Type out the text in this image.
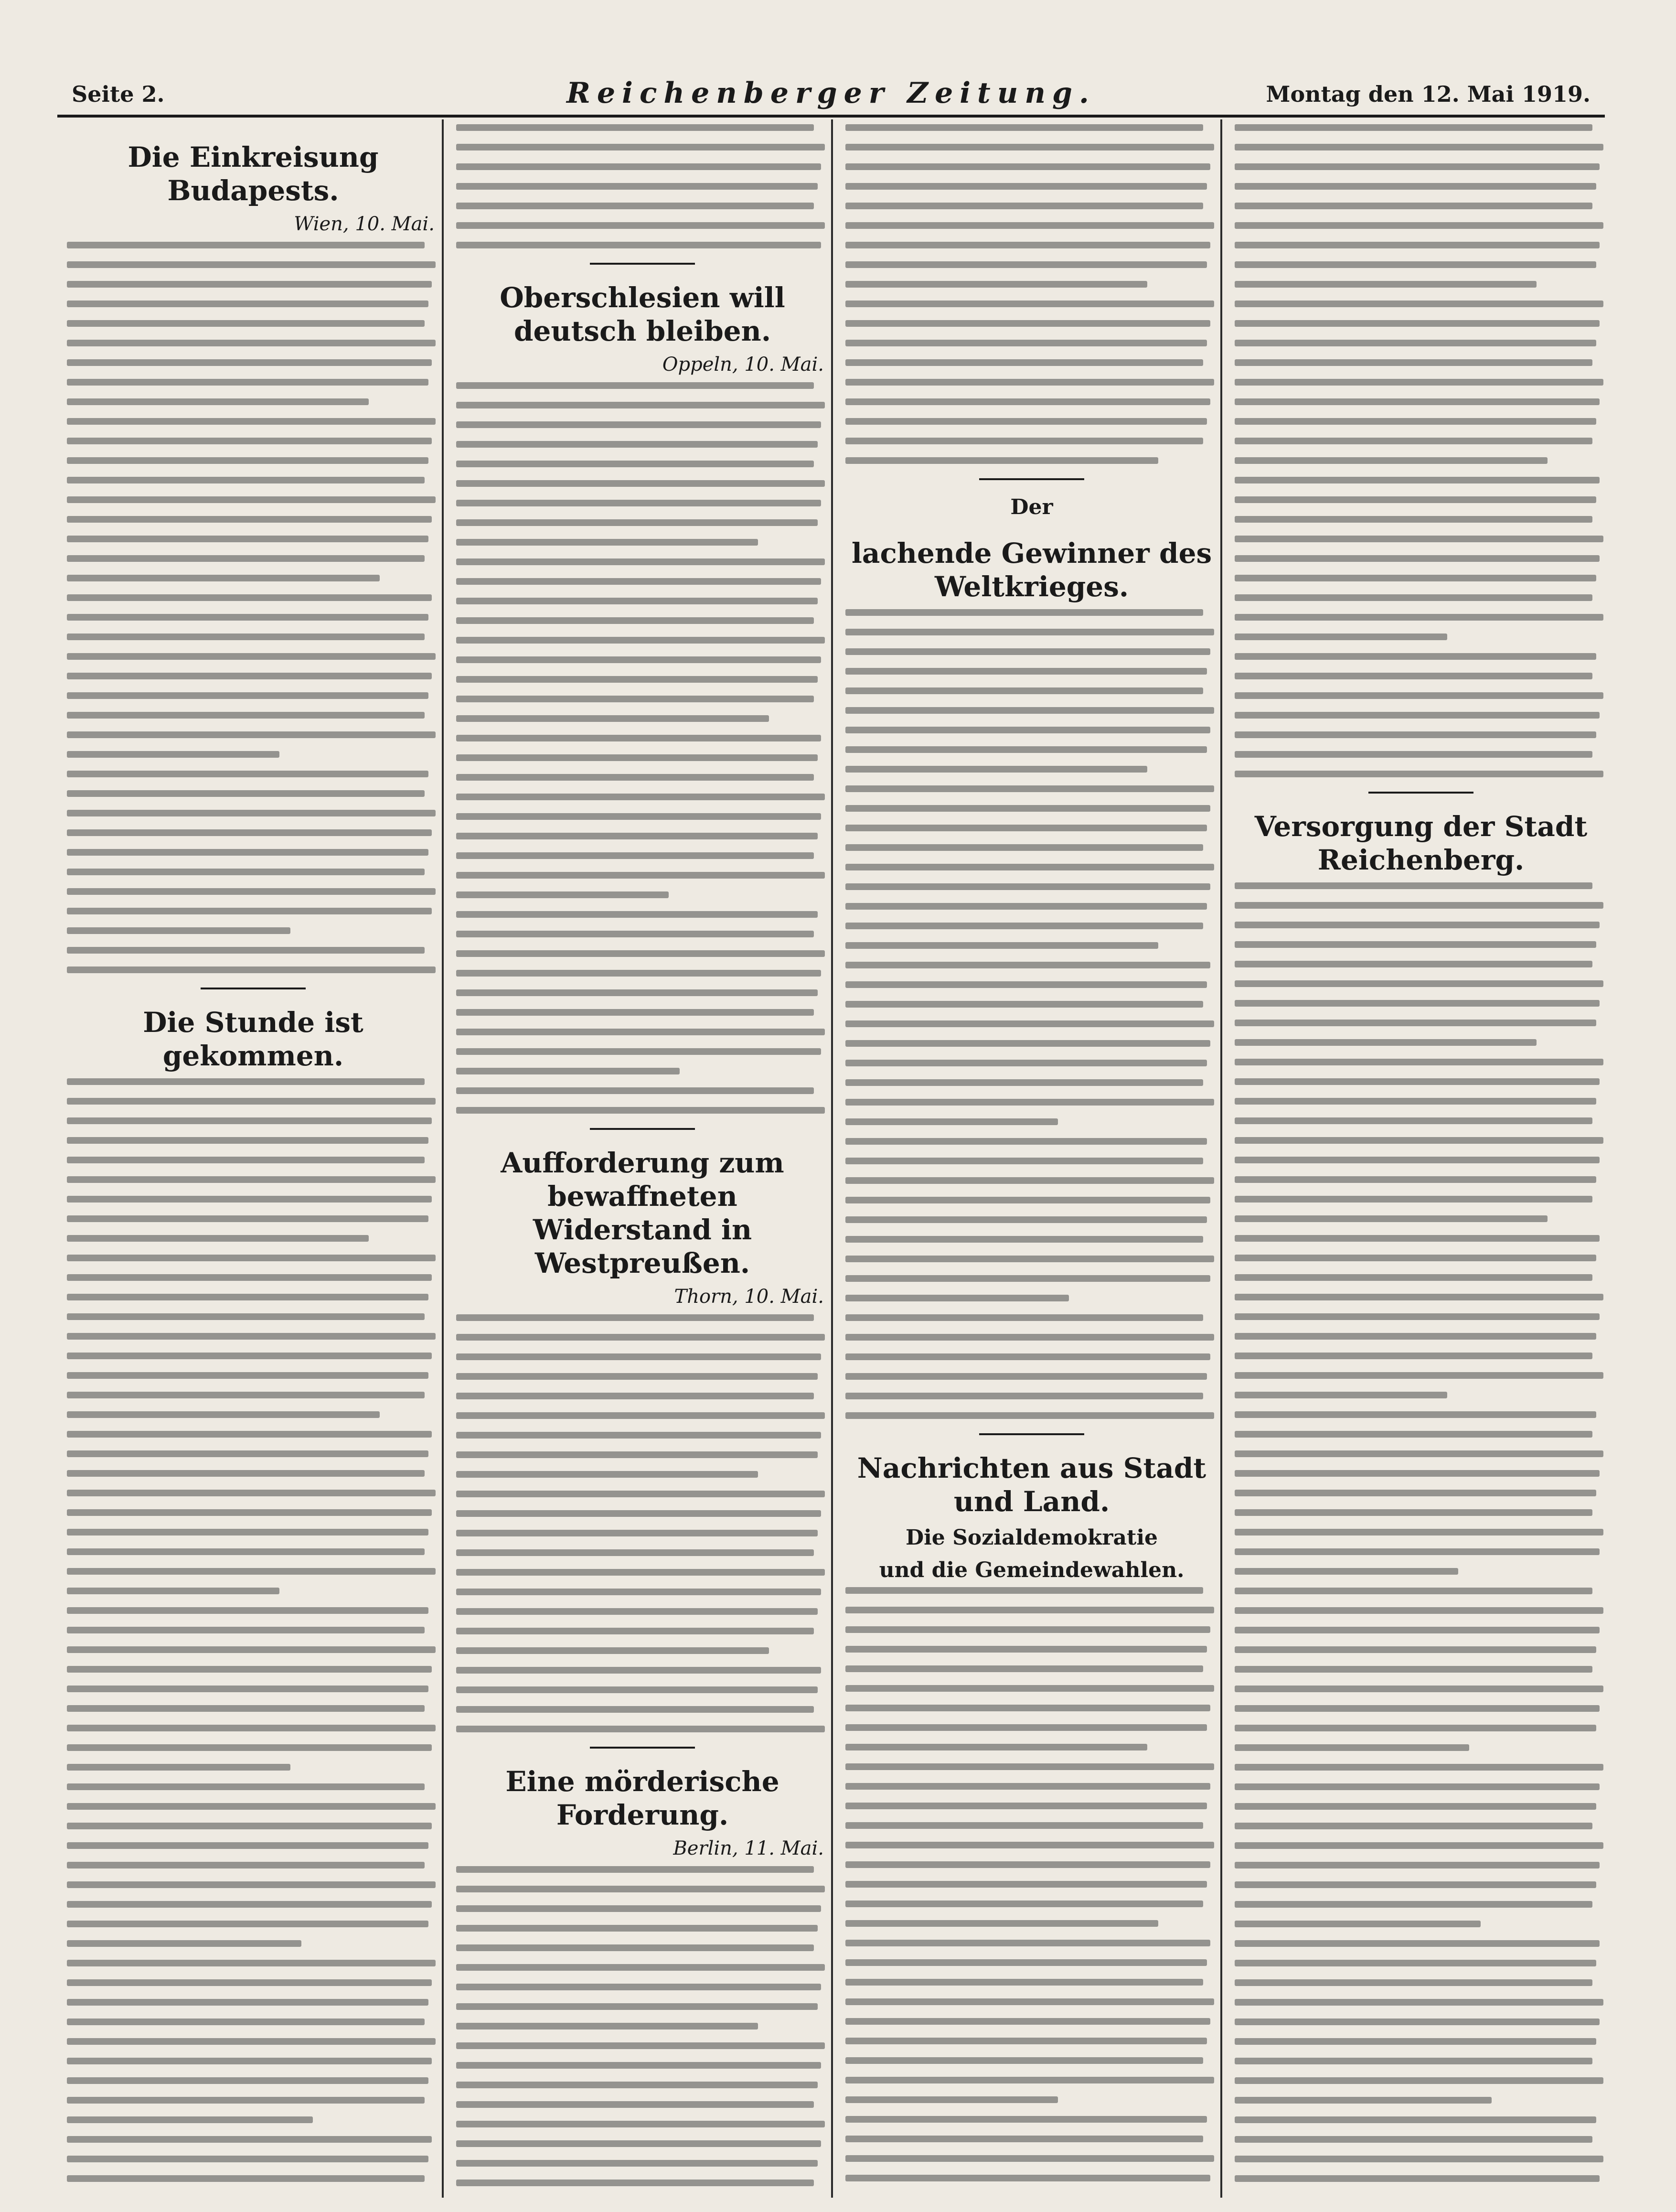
Seite 2.	Reichenberger Zeitung.	Montag den 12. Mai 1919.
Die Einkreisung Budapests.
Wien, 10. Mai.
Die Stunde ist gekommen.
Oberschlesien will deutsch bleiben.
Oppeln, 10. Mai.
Aufforderung zum bewaffneten Widerstand in Westpreußen.
Thorn, 10. Mai.
Eine mörderische Forderung.
Berlin, 11. Mai.
Der
lachende Gewinner des Weltkrieges.
Nachrichten aus Stadt und Land.
Die Sozialdemokratie
und die Gemeindewahlen.
Versorgung der Stadt Reichenberg.
